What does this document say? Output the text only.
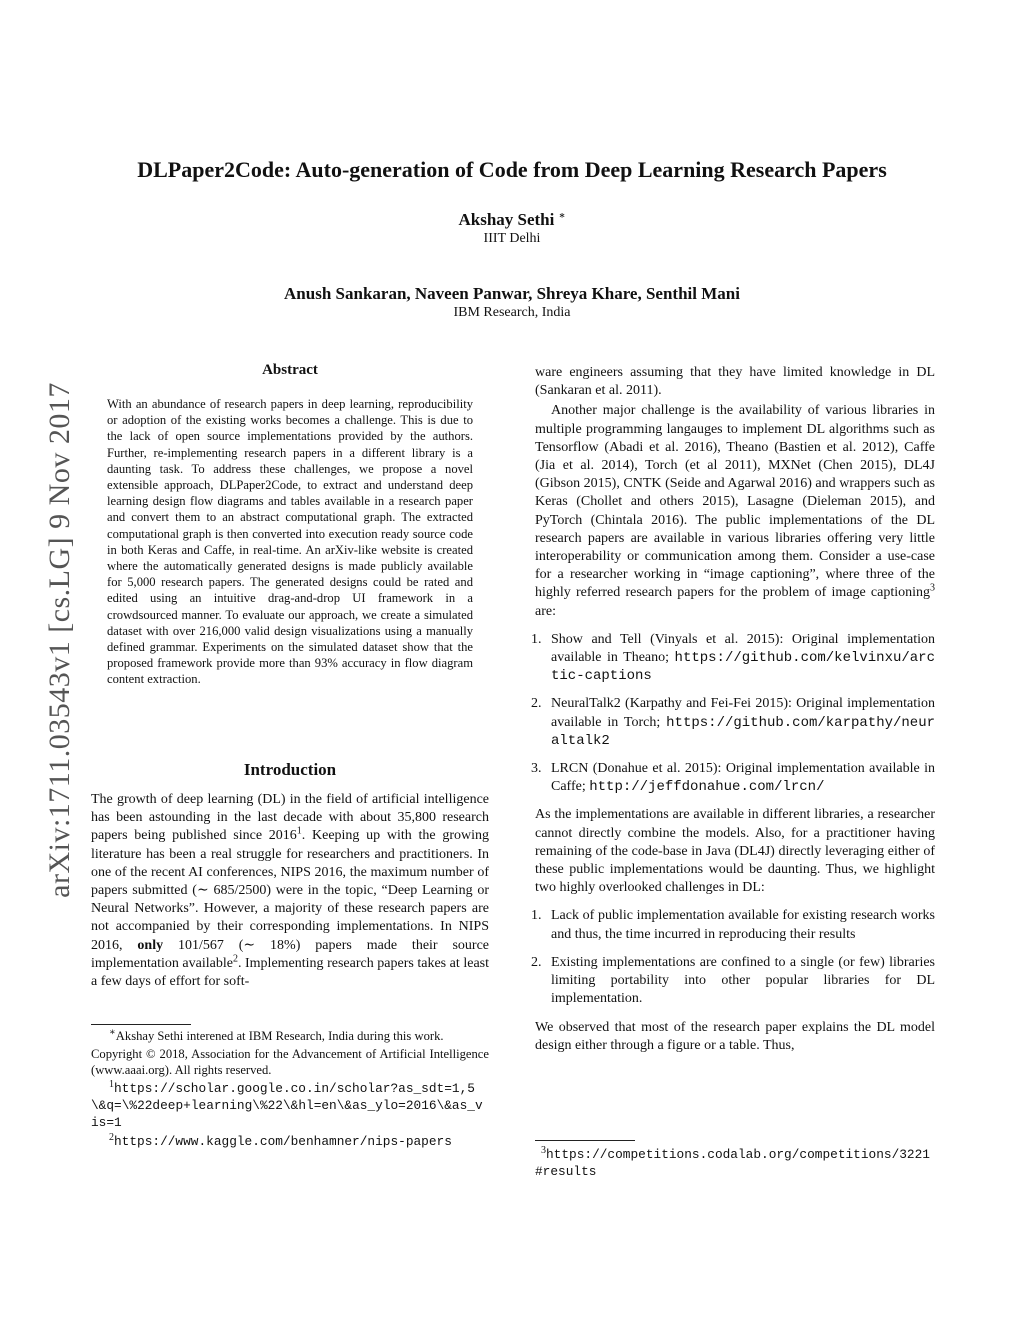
DLPaper2Code: Auto-generation of Code from Deep Learning Research Papers
Akshay Sethi ∗
IIIT Delhi
Anush Sankaran, Naveen Panwar, Shreya Khare, Senthil Mani
IBM Research, India
arXiv:1711.03543v1 [cs.LG] 9 Nov 2017
Abstract

With an abundance of research papers in deep learning, reproducibility or adoption of the existing works becomes a challenge. This is due to the lack of open source implementations provided by the authors. Further, re-implementing research papers in a different library is a daunting task. To address these challenges, we propose a novel extensible approach, DLPaper2Code, to extract and understand deep learning design flow diagrams and tables available in a research paper and convert them to an abstract computational graph. The extracted computational graph is then converted into execution ready source code in both Keras and Caffe, in real-time. An arXiv-like website is created where the automatically generated designs is made publicly available for 5,000 research papers. The generated designs could be rated and edited using an intuitive drag-and-drop UI framework in a crowdsourced manner. To evaluate our approach, we create a simulated dataset with over 216,000 valid design visualizations using a manually defined grammar. Experiments on the simulated dataset show that the proposed framework provide more than 93% accuracy in flow diagram content extraction.

Introduction

The growth of deep learning (DL) in the field of artificial intelligence has been astounding in the last decade with about 35,800 research papers being published since 2016$^1$. Keeping up with the growing literature has been a real struggle for researchers and practitioners. In one of the recent AI conferences, NIPS 2016, the maximum number of papers submitted (∼ 685/2500) were in the topic, “Deep Learning or Neural Networks”. However, a majority of these research papers are not accompanied by their corresponding implementations. In NIPS 2016, only 101/567 (∼ 18%) papers made their source implementation available$^2$. Implementing research papers takes at least a few days of effort for soft-

∗Akshay Sethi interened at IBM Research, India during this work.

Copyright © 2018, Association for the Advancement of Artificial Intelligence (www.aaai.org). All rights reserved.

$^1$https://scholar.google.co.in/scholar?as_sdt=1,5\&q=\%22deep+learning\%22\&hl=en\&as_ylo=2016\&as_vis=1

$^2$https://www.kaggle.com/benhamner/nips-papers

ware engineers assuming that they have limited knowledge in DL (Sankaran et al. 2011).

Another major challenge is the availability of various libraries in multiple programming langauges to implement DL algorithms such as Tensorflow (Abadi et al. 2016), Theano (Bastien et al. 2012), Caffe (Jia et al. 2014), Torch (et al 2011), MXNet (Chen 2015), DL4J (Gibson 2015), CNTK (Seide and Agarwal 2016) and wrappers such as Keras (Chollet and others 2015), Lasagne (Dieleman 2015), and PyTorch (Chintala 2016). The public implementations of the DL research papers are available in various libraries offering very little interoperability or communication among them. Consider a use-case for a researcher working in “image captioning”, where three of the highly referred research papers for the problem of image captioning$^3$ are:

1. Show and Tell (Vinyals et al. 2015): Original implementation available in Theano; https://github.com/kelvinxu/arctic-captions
2. NeuralTalk2 (Karpathy and Fei-Fei 2015): Original implementation available in Torch; https://github.com/karpathy/neuraltalk2
3. LRCN (Donahue et al. 2015): Original implementation available in Caffe; http://jeffdonahue.com/lrcn/

As the implementations are available in different libraries, a researcher cannot directly combine the models. Also, for a practitioner having remaining of the code-base in Java (DL4J) directly leveraging either of these public implementations would be daunting. Thus, we highlight two highly overlooked challenges in DL:

1. Lack of public implementation available for existing research works and thus, the time incurred in reproducing their results
2. Existing implementations are confined to a single (or few) libraries limiting portability into other popular libraries for DL implementation.

We observed that most of the research paper explains the DL model design either through a figure or a table. Thus,

$^3$https://competitions.codalab.org/competitions/3221#results
